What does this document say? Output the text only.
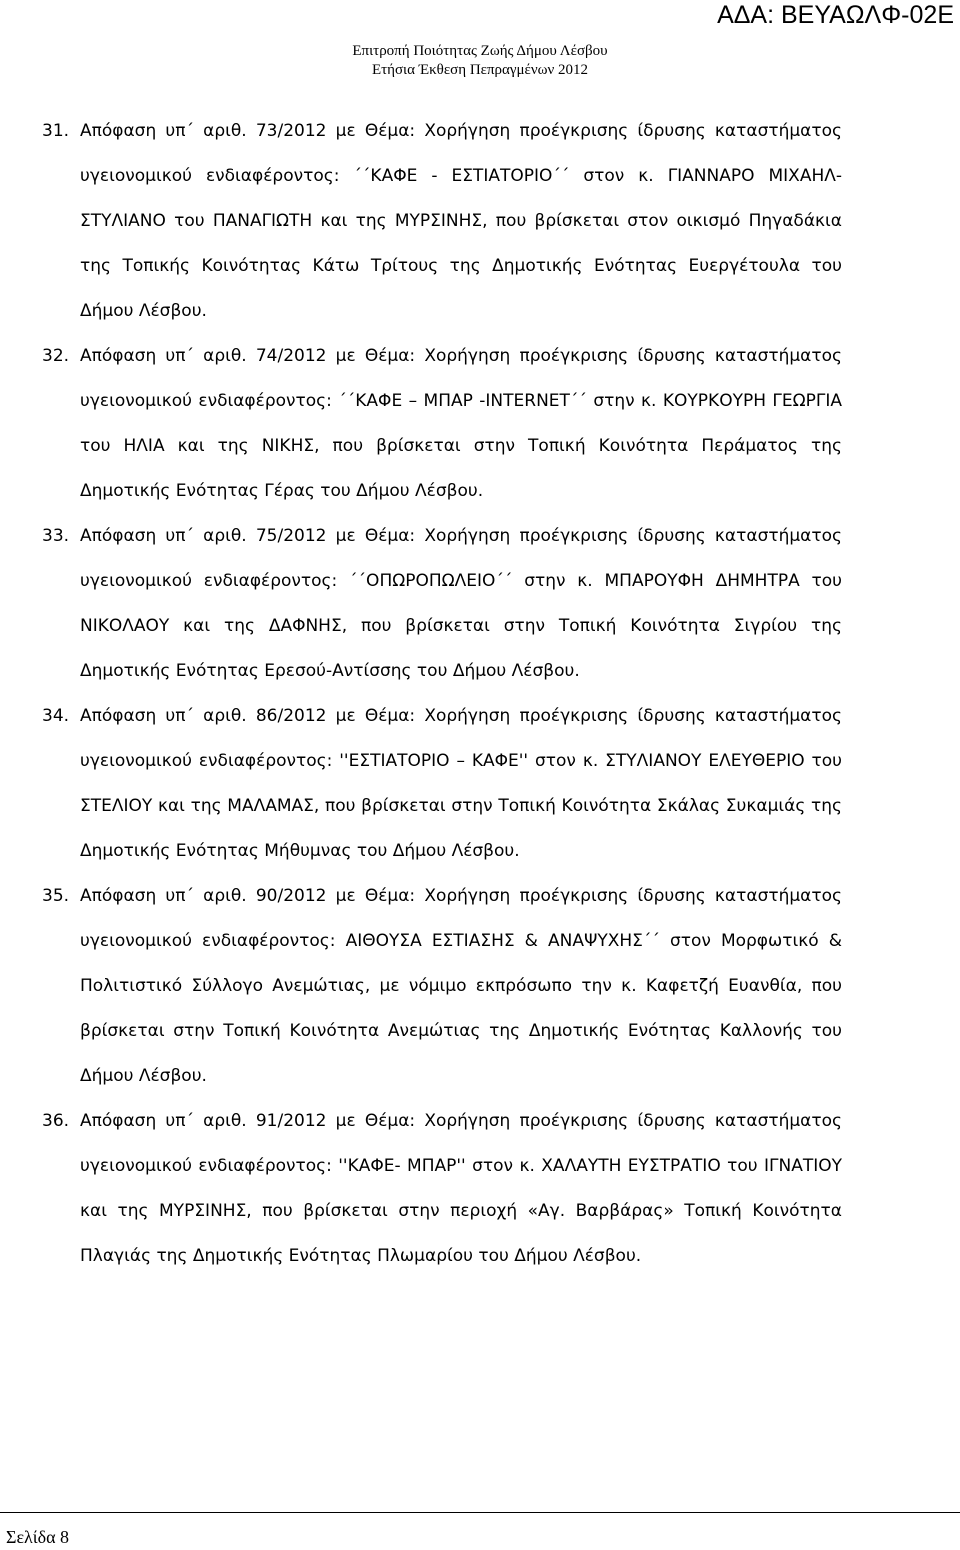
ΑΔΑ: ΒΕΥΑΩΛΦ-02Ε
Επιτροπή Ποιότητας Ζωής Δήμου Λέσβου
Ετήσια Έκθεση Πεπραγμένων 2012
31. Απόφαση υπ΄ αριθ. 73/2012 με Θέμα: Χορήγηση προέγκρισης ίδρυσης καταστήματος υγειονομικού ενδιαφέροντος: ΄΄ΚΑΦΕ - ΕΣΤΙΑΤΟΡΙΟ΄΄ στον κ. ΓΙΑΝΝΑΡΟ ΜΙΧΑΗΛ- ΣΤΥΛΙΑΝΟ του ΠΑΝΑΓΙΩΤΗ και της ΜΥΡΣΙΝΗΣ, που βρίσκεται στον οικισμό Πηγαδάκια της Τοπικής Κοινότητας Κάτω Τρίτους της Δημοτικής Ενότητας Ευεργέτουλα του Δήμου Λέσβου.
32. Απόφαση υπ΄ αριθ. 74/2012 με Θέμα: Χορήγηση προέγκρισης ίδρυσης καταστήματος υγειονομικού ενδιαφέροντος: ΄΄ΚΑΦΕ – ΜΠΑΡ -INTERNET΄΄ στην κ. ΚΟΥΡΚΟΥΡΗ ΓΕΩΡΓΙΑ του ΗΛΙΑ και της ΝΙΚΗΣ, που βρίσκεται στην Τοπική Κοινότητα Περάματος της Δημοτικής Ενότητας Γέρας του Δήμου Λέσβου.
33. Απόφαση υπ΄ αριθ. 75/2012 με Θέμα: Χορήγηση προέγκρισης ίδρυσης καταστήματος υγειονομικού ενδιαφέροντος: ΄΄ΟΠΩΡΟΠΩΛΕΙΟ΄΄ στην κ. ΜΠΑΡΟΥΦΗ ΔΗΜΗΤΡΑ του ΝΙΚΟΛΑΟΥ και της ΔΑΦΝΗΣ, που βρίσκεται στην Τοπική Κοινότητα Σιγρίου της Δημοτικής Ενότητας Ερεσού-Αντίσσης του Δήμου Λέσβου.
34. Απόφαση υπ΄ αριθ. 86/2012 με Θέμα: Χορήγηση προέγκρισης ίδρυσης καταστήματος υγειονομικού ενδιαφέροντος: ''ΕΣΤΙΑΤΟΡΙΟ – ΚΑΦΕ'' στον κ. ΣΤΥΛΙΑΝΟΥ ΕΛΕΥΘΕΡΙΟ του ΣΤΕΛΙΟΥ και της ΜΑΛΑΜΑΣ, που βρίσκεται στην Τοπική Κοινότητα Σκάλας Συκαμιάς της Δημοτικής Ενότητας Μήθυμνας του Δήμου Λέσβου.
35. Απόφαση υπ΄ αριθ. 90/2012 με Θέμα: Χορήγηση προέγκρισης ίδρυσης καταστήματος υγειονομικού ενδιαφέροντος: ΑΙΘΟΥΣΑ ΕΣΤΙΑΣΗΣ & ΑΝΑΨΥΧΗΣ΄΄ στον Μορφωτικό & Πολιτιστικό Σύλλογο Ανεμώτιας, με νόμιμο εκπρόσωπο την κ. Καφετζή Ευανθία, που βρίσκεται στην Τοπική Κοινότητα Ανεμώτιας της Δημοτικής Ενότητας Καλλονής του Δήμου Λέσβου.
36. Απόφαση υπ΄ αριθ. 91/2012 με Θέμα: Χορήγηση προέγκρισης ίδρυσης καταστήματος υγειονομικού ενδιαφέροντος: ''ΚΑΦΕ- ΜΠΑΡ'' στον κ. ΧΑΛΑΥΤΗ ΕΥΣΤΡΑΤΙΟ του ΙΓΝΑΤΙΟΥ και της ΜΥΡΣΙΝΗΣ, που βρίσκεται στην περιοχή «Αγ. Βαρβάρας» Τοπική Κοινότητα Πλαγιάς της Δημοτικής Ενότητας Πλωμαρίου του Δήμου Λέσβου.
Σελίδα 8
